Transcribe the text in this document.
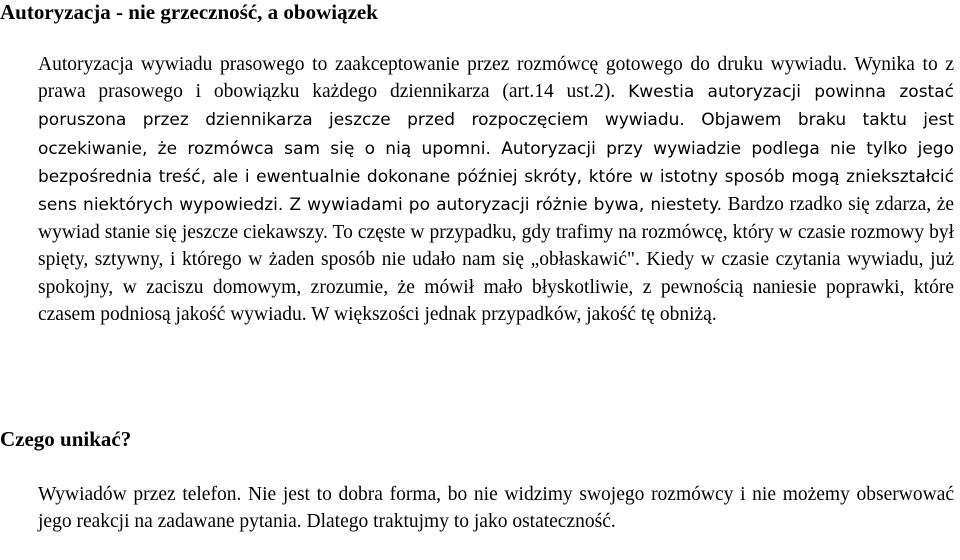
Autoryzacja - nie grzeczność, a obowiązek

Autoryzacja wywiadu prasowego to zaakceptowanie przez rozmówcę gotowego do druku wywiadu. Wynika to z prawa prasowego i obowiązku każdego dziennikarza (art.14 ust.2). Kwestia autoryzacji powinna zostać poruszona przez dziennikarza jeszcze przed rozpoczęciem wywiadu. Objawem braku taktu jest oczekiwanie, że rozmówca sam się o nią upomni. Autoryzacji przy wywiadzie podlega nie tylko jego bezpośrednia treść, ale i ewentualnie dokonane później skróty, które w istotny sposób mogą zniekształcić sens niektórych wypowiedzi. Z wywiadami po autoryzacji różnie bywa, niestety. Bardzo rzadko się zdarza, że wywiad stanie się jeszcze ciekawszy. To częste w przypadku, gdy trafimy na rozmówcę, który w czasie rozmowy był spięty, sztywny, i którego w żaden sposób nie udało nam się „obłaskawić". Kiedy w czasie czytania wywiadu, już spokojny, w zaciszu domowym, zrozumie, że mówił mało błyskotliwie, z pewnością naniesie poprawki, które czasem podniosą jakość wywiadu. W większości jednak przypadków, jakość tę obniżą.

Czego unikać?

Wywiadów przez telefon. Nie jest to dobra forma, bo nie widzimy swojego rozmówcy i nie możemy obserwować jego reakcji na zadawane pytania. Dlatego traktujmy to jako ostateczność.
